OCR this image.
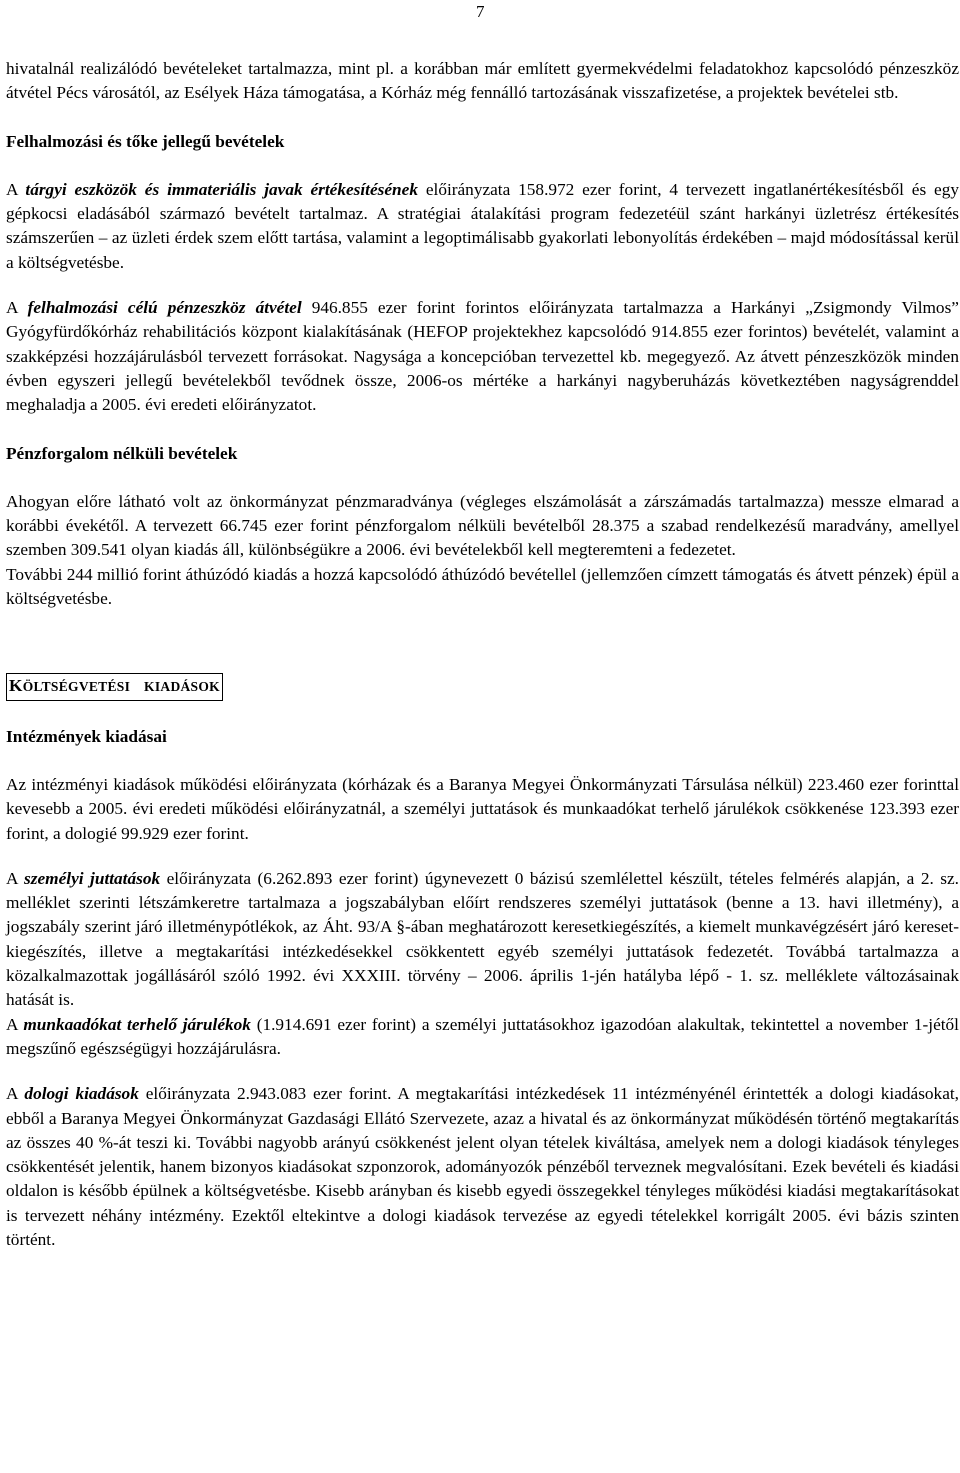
7

hivatalnál realizálódó bevételeket tartalmazza, mint pl. a korábban már említett gyermekvédelmi feladatokhoz kapcsolódó pénzeszköz átvétel Pécs városától, az Esélyek Háza támogatása, a Kórház még fennálló tartozásának visszafizetése, a projektek bevételei stb.

Felhalmozási és tőke jellegű bevételek

A tárgyi eszközök és immateriális javak értékesítésének előirányzata 158.972 ezer forint, 4 tervezett ingatlanértékesítésből és egy gépkocsi eladásából származó bevételt tartalmaz. A stratégiai átalakítási program fedezetéül szánt harkányi üzletrész értékesítés számszerűen – az üzleti érdek szem előtt tartása, valamint a legoptimálisabb gyakorlati lebonyolítás érdekében – majd módosítással kerül a költségvetésbe.

A felhalmozási célú pénzeszköz átvétel 946.855 ezer forint forintos előirányzata tartalmazza a Harkányi „Zsigmondy Vilmos” Gyógyfürdőkórház rehabilitációs központ kialakításának (HEFOP projektekhez kapcsolódó 914.855 ezer forintos) bevételét, valamint a szakképzési hozzájárulásból tervezett forrásokat. Nagysága a koncepcióban tervezettel kb. megegyező. Az átvett pénzeszközök minden évben egyszeri jellegű bevételekből tevődnek össze, 2006-os mértéke a harkányi nagyberuházás következtében nagyságrenddel meghaladja a 2005. évi eredeti előirányzatot.

Pénzforgalom nélküli bevételek

Ahogyan előre látható volt az önkormányzat pénzmaradványa (végleges elszámolását a zárszámadás tartalmazza) messze elmarad a korábbi évekétől. A tervezett 66.745 ezer forint pénzforgalom nélküli bevételből 28.375 a szabad rendelkezésű maradvány, amellyel szemben 309.541 olyan kiadás áll, különbségükre a 2006. évi bevételekből kell megteremteni a fedezetet.

További 244 millió forint áthúzódó kiadás a hozzá kapcsolódó áthúzódó bevétellel (jellemzően címzett támogatás és átvett pénzek) épül a költségvetésbe.

KÖLTSÉGVETÉSI KIADÁSOK
Intézmények kiadásai

Az intézményi kiadások működési előirányzata (kórházak és a Baranya Megyei Önkormányzati Társulása nélkül) 223.460 ezer forinttal kevesebb a 2005. évi eredeti működési előirányzatnál, a személyi juttatások és munkaadókat terhelő járulékok csökkenése 123.393 ezer forint, a dologié 99.929 ezer forint.

A személyi juttatások előirányzata (6.262.893 ezer forint) úgynevezett 0 bázisú szemlélettel készült, tételes felmérés alapján, a 2. sz. melléklet szerinti létszámkeretre tartalmaza a jogszabályban előírt rendszeres személyi juttatások (benne a 13. havi illetmény), a jogszabály szerint járó illetménypótlékok, az Áht. 93/A §-ában meghatározott keresetkiegészítés, a kiemelt munkavégzésért járó kereset-kiegészítés, illetve a megtakarítási intézkedésekkel csökkentett egyéb személyi juttatások fedezetét. Továbbá tartalmazza a közalkalmazottak jogállásáról szóló 1992. évi XXXIII. törvény – 2006. április 1-jén hatályba lépő - 1. sz. melléklete változásainak hatását is.

A munkaadókat terhelő járulékok (1.914.691 ezer forint) a személyi juttatásokhoz igazodóan alakultak, tekintettel a november 1-jétől megszűnő egészségügyi hozzájárulásra.

A dologi kiadások előirányzata 2.943.083 ezer forint. A megtakarítási intézkedések 11 intézményénél érintették a dologi kiadásokat, ebből a Baranya Megyei Önkormányzat Gazdasági Ellátó Szervezete, azaz a hivatal és az önkormányzat működésén történő megtakarítás az összes 40 %-át teszi ki. További nagyobb arányú csökkenést jelent olyan tételek kiváltása, amelyek nem a dologi kiadások tényleges csökkentését jelentik, hanem bizonyos kiadásokat szponzorok, adományozók pénzéből terveznek megvalósítani. Ezek bevételi és kiadási oldalon is később épülnek a költségvetésbe. Kisebb arányban és kisebb egyedi összegekkel tényleges működési kiadási megtakarításokat is tervezett néhány intézmény. Ezektől eltekintve a dologi kiadások tervezése az egyedi tételekkel korrigált 2005. évi bázis szinten történt.
